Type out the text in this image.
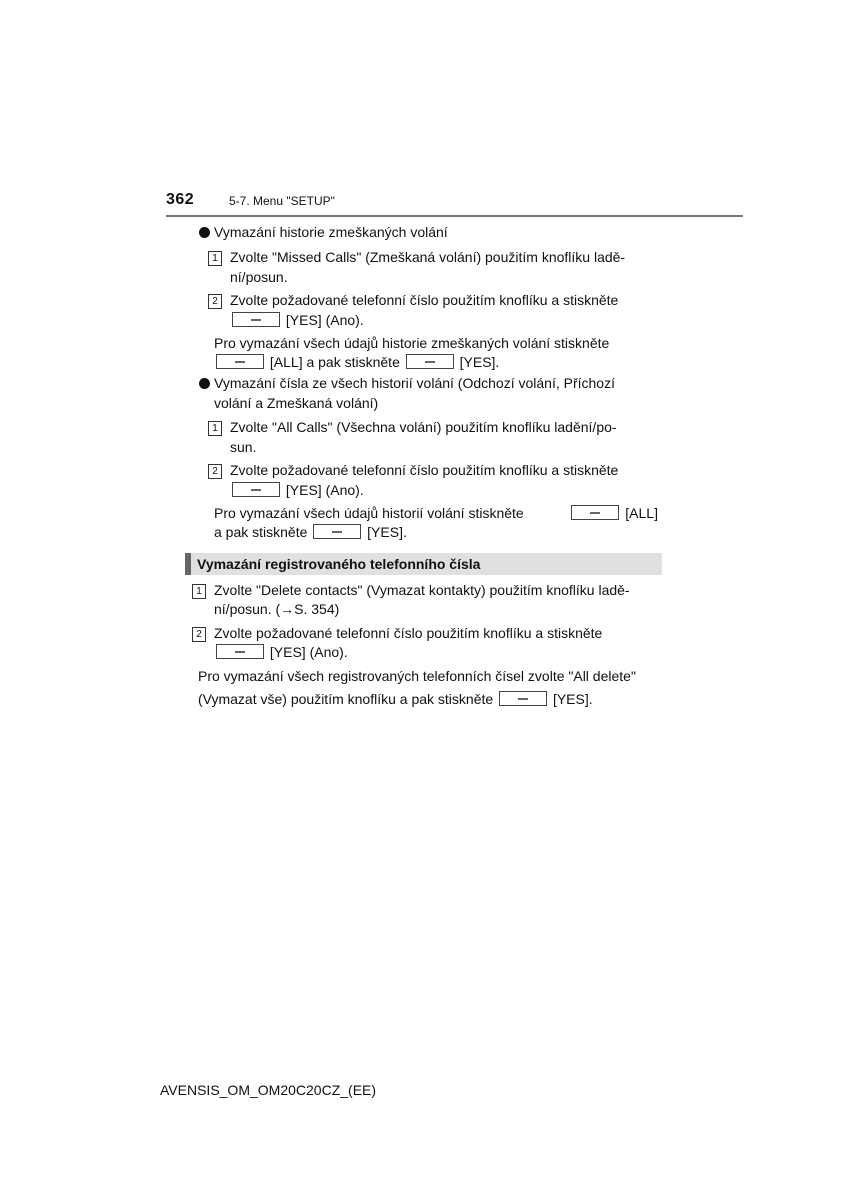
362	5-7. Menu "SETUP"
Vymazání historie zmeškaných volání
1 Zvolte "Missed Calls" (Zmeškaná volání) použitím knoflíku ladě-
ní/posun.
2 Zvolte požadované telefonní číslo použitím knoflíku a stiskněte
[YES] (Ano).
Pro vymazání všech údajů historie zmeškaných volání stiskněte
[ALL] a pak stiskněte	[YES].
Vymazání čísla ze všech historií volání (Odchozí volání, Příchozí
volání a Zmeškaná volání)
1 Zvolte "All Calls" (Všechna volání) použitím knoflíku ladění/po-
sun.
2 Zvolte požadované telefonní číslo použitím knoflíku a stiskněte
[YES] (Ano).
Pro vymazání všech údajů historií volání stiskněte	[ALL]
a pak stiskněte	[YES].
Vymazání registrovaného telefonního čísla
1 Zvolte "Delete contacts" (Vymazat kontakty) použitím knoflíku ladě-
ní/posun. (→S. 354)
2 Zvolte požadované telefonní číslo použitím knoflíku a stiskněte
[YES] (Ano).
Pro vymazání všech registrovaných telefonních čísel zvolte "All delete"
(Vymazat vše) použitím knoflíku a pak stiskněte	[YES].
AVENSIS_OM_OM20C20CZ_(EE)
